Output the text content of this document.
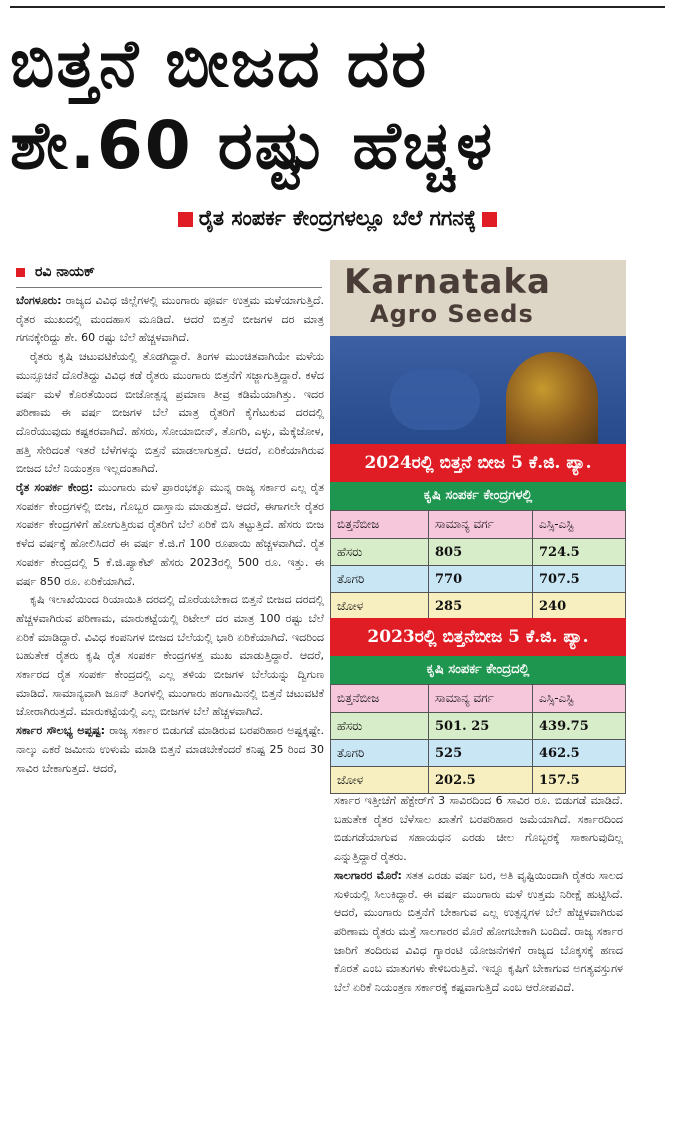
ಬಿತ್ತನೆ ಬೀಜದ ದರ
ಶೇ.60 ರಷ್ಟು ಹೆಚ್ಚಳ
ರೈತ ಸಂಪರ್ಕ ಕೇಂದ್ರಗಳಲ್ಲೂ ಬೆಲೆ ಗಗನಕ್ಕೆ
ರವಿ ನಾಯಕ್

ಬೆಂಗಳೂರು: ರಾಜ್ಯದ ವಿವಿಧ ಜಿಲ್ಲೆಗಳಲ್ಲಿ ಮುಂಗಾರು ಪೂರ್ವ ಉತ್ತಮ ಮಳೆಯಾಗುತ್ತಿದೆ. ರೈತರ ಮುಖದಲ್ಲಿ ಮಂದಹಾಸ ಮೂಡಿದೆ. ಆದರೆ ಬಿತ್ತನೆ ಬೀಜಗಳ ದರ ಮಾತ್ರ ಗಗನಕ್ಕೇರಿದ್ದು ಶೇ. 60 ರಷ್ಟು ಬೆಲೆ ಹೆಚ್ಚಳವಾಗಿದೆ.

ರೈತರು ಕೃಷಿ ಚಟುವಟಿಕೆಯಲ್ಲಿ ತೊಡಗಿದ್ದಾರೆ. ತಿಂಗಳ ಮುಂಚಿತವಾಗಿಯೇ ಮಳೆಯ ಮುನ್ಸೂಚನೆ ದೊರೆತಿದ್ದು ವಿವಿಧ ಕಡೆ ರೈತರು ಮುಂಗಾರು ಬಿತ್ತನೆಗೆ ಸಜ್ಜಾಗುತ್ತಿದ್ದಾರೆ. ಕಳೆದ ವರ್ಷ ಮಳೆ ಕೊರತೆಯಿಂದ ಬೀಜೋತ್ಪನ್ನ ಪ್ರಮಾಣ ತೀವ್ರ ಕಡಿಮೆಯಾಗಿತ್ತು. ಇದರ ಪರಿಣಾಮ ಈ ವರ್ಷ ಬೀಜಗಳ ಬೆಲೆ ಮಾತ್ರ ರೈತರಿಗೆ ಕೈಗೆಟುಕುವ ದರದಲ್ಲಿ ದೊರೆಯುವುದು ಕಷ್ಟಕರವಾಗಿದೆ. ಹೆಸರು, ಸೋಯಾಬೀನ್, ತೊಗರಿ, ಎಳ್ಳು, ಮೆಕ್ಕೆಜೋಳ, ಹತ್ತಿ ಸೇರಿದಂತೆ ಇತರೆ ಬೆಳೆಗಳನ್ನು ಬಿತ್ತನೆ ಮಾಡಲಾಗುತ್ತದೆ. ಆದರೆ, ಏರಿಕೆಯಾಗಿರುವ ಬೀಜದ ಬೆಲೆ ನಿಯಂತ್ರಣ ಇಲ್ಲದಂತಾಗಿದೆ.

ರೈತ ಸಂಪರ್ಕ ಕೇಂದ್ರ: ಮುಂಗಾರು ಮಳೆ ಪ್ರಾರಂಭಕ್ಕೂ ಮುನ್ನ ರಾಜ್ಯ ಸರ್ಕಾರ ಎಲ್ಲ ರೈತ ಸಂಪರ್ಕ ಕೇಂದ್ರಗಳಲ್ಲಿ ಬೀಜ, ಗೊಬ್ಬರ ದಾಸ್ತಾನು ಮಾಡುತ್ತದೆ. ಆದರೆ, ಈಗಾಗಲೇ ರೈತರ ಸಂಪರ್ಕ ಕೇಂದ್ರಗಳಿಗೆ ಹೋಗುತ್ತಿರುವ ರೈತರಿಗೆ ಬೆಲೆ ಏರಿಕೆ ಬಿಸಿ ತಟ್ಟುತ್ತಿದೆ. ಹೆಸರು ಬೀಜ ಕಳೆದ ವರ್ಷಕ್ಕೆ ಹೋಲಿಸಿದರೆ ಈ ವರ್ಷ ಕೆ.ಜಿ.ಗೆ 100 ರೂಪಾಯಿ ಹೆಚ್ಚಳವಾಗಿದೆ. ರೈತ ಸಂಪರ್ಕ ಕೇಂದ್ರದಲ್ಲಿ 5 ಕೆ.ಜಿ.ಪ್ಯಾಕೆಟ್ ಹೆಸರು 2023ರಲ್ಲಿ 500 ರೂ. ಇತ್ತು. ಈ ವರ್ಷ 850 ರೂ. ಏರಿಕೆಯಾಗಿದೆ.

ಕೃಷಿ ಇಲಾಖೆಯಿಂದ ರಿಯಾಯಿತಿ ದರದಲ್ಲಿ ದೊರೆಯಬೇಕಾದ ಬಿತ್ತನೆ ಬೀಜದ ದರದಲ್ಲಿ ಹೆಚ್ಚಳವಾಗಿರುವ ಪರಿಣಾಮ, ಮಾರುಕಟ್ಟೆಯಲ್ಲಿ ರಿಟೇಲ್ ದರ ಮಾತ್ರ 100 ರಷ್ಟು ಬೆಲೆ ಏರಿಕೆ ಮಾಡಿದ್ದಾರೆ. ವಿವಿಧ ಕಂಪನಿಗಳ ಬೀಜದ ಬೆಲೆಯಲ್ಲಿ ಭಾರಿ ಏರಿಕೆಯಾಗಿದೆ. ಇದರಿಂದ ಬಹುತೇಕ ರೈತರು ಕೃಷಿ ರೈತ ಸಂಪರ್ಕ ಕೇಂದ್ರಗಳತ್ತ ಮುಖ ಮಾಡುತ್ತಿದ್ದಾರೆ. ಆದರೆ, ಸರ್ಕಾರದ ರೈತ ಸಂಪರ್ಕ ಕೇಂದ್ರದಲ್ಲಿ ಎಲ್ಲ ತಳಿಯ ಬೀಜಗಳ ಬೆಲೆಯನ್ನು ದ್ವಿಗುಣ ಮಾಡಿದೆ. ಸಾಮಾನ್ಯವಾಗಿ ಜೂನ್ ತಿಂಗಳಲ್ಲಿ ಮುಂಗಾರು ಹಂಗಾಮಿನಲ್ಲಿ ಬಿತ್ತನೆ ಚಟುವಟಿಕೆ ಜೋರಾಗಿರುತ್ತದೆ. ಮಾರುಕಟ್ಟೆಯಲ್ಲಿ ಎಲ್ಲ ಬೀಜಗಳ ಬೆಲೆ ಹೆಚ್ಚಳವಾಗಿದೆ.

ಸರ್ಕಾರ ಸೌಲಭ್ಯ ಅಪ್ಪಷ್ಟ: ರಾಜ್ಯ ಸರ್ಕಾರ ಬಿಡುಗಡೆ ಮಾಡಿರುವ ಬರಪರಿಹಾರ ಅಷ್ಟಕ್ಕಷ್ಟೇ. ನಾಲ್ಕು ಎಕರೆ ಜಮೀನು ಉಳುಮೆ ಮಾಡಿ ಬಿತ್ತನೆ ಮಾಡಬೇಕೆಂದರೆ ಕನಿಷ್ಟ 25 ರಿಂದ 30 ಸಾವಿರ ಬೇಕಾಗುತ್ತದೆ. ಆದರೆ,

Karnataka
Agro Seeds
2024ರಲ್ಲಿ ಬಿತ್ತನೆ ಬೀಜ 5 ಕೆ.ಜಿ. ಪ್ಯಾ.
ಕೃಷಿ ಸಂಪರ್ಕ ಕೇಂದ್ರಗಳಲ್ಲಿ
ಬಿತ್ತನೆಬೀಜ	ಸಾಮಾನ್ಯ ವರ್ಗ	ಎಸ್ಸಿ-ಎಸ್ಟಿ
ಹೆಸರು	805	724.5
ತೊಗರಿ	770	707.5
ಜೋಳ	285	240
2023ರಲ್ಲಿ ಬಿತ್ತನೆಬೀಜ 5 ಕೆ.ಜಿ. ಪ್ಯಾ.
ಕೃಷಿ ಸಂಪರ್ಕ ಕೇಂದ್ರದಲ್ಲಿ
ಬಿತ್ತನೆಬೀಜ	ಸಾಮಾನ್ಯ ವರ್ಗ	ಎಸ್ಸಿ-ಎಸ್ಟಿ
ಹೆಸರು	501. 25	439.75
ತೊಗರಿ	525	462.5
ಜೋಳ	202.5	157.5

ಸರ್ಕಾರ ಇತ್ತೀಚೆಗೆ ಹೆಕ್ಟೇರ್‌ಗೆ 3 ಸಾವಿರದಿಂದ 6 ಸಾವಿರ ರೂ. ಬಿಡುಗಡೆ ಮಾಡಿದೆ. ಬಹುತೇಕ ರೈತರ ಬೆಳೆಸಾಲ ಖಾತೆಗೆ ಬರಪರಿಹಾರ ಜಮೆಯಾಗಿದೆ. ಸರ್ಕಾರದಿಂದ ಬಿಡುಗಡೆಯಾಗುವ ಸಹಾಯಧನ ಎರಡು ಚೀಲ ಗೊಬ್ಬರಕ್ಕೆ ಸಾಕಾಗುವುದಿಲ್ಲ ಎನ್ನುತ್ತಿದ್ದಾರೆ ರೈತರು.

ಸಾಲಗಾರರ ಮೊರೆ: ಸತತ ಎರಡು ವರ್ಷ ಬರ, ಅತಿ ವೃಷ್ಟಿಯಿಂದಾಗಿ ರೈತರು ಸಾಲದ ಸುಳಿಯಲ್ಲಿ ಸಿಲುಕಿದ್ದಾರೆ. ಈ ವರ್ಷ ಮುಂಗಾರು ಮಳೆ ಉತ್ತಮ ನಿರೀಕ್ಷೆ ಹುಟ್ಟಿಸಿದೆ. ಆದರೆ, ಮುಂಗಾರು ಬಿತ್ತನೆಗೆ ಬೇಕಾಗುವ ಎಲ್ಲ ಉತ್ಪನ್ನಗಳ ಬೆಲೆ ಹೆಚ್ಚಳವಾಗಿರುವ ಪರಿಣಾಮ ರೈತರು ಮತ್ತೆ ಸಾಲಗಾರರ ಮೊರೆ ಹೋಗಬೇಕಾಗಿ ಬಂದಿದೆ. ರಾಜ್ಯ ಸರ್ಕಾರ ಜಾರಿಗೆ ತಂದಿರುವ ವಿವಿಧ ಗ್ಯಾರಂಟಿ ಯೋಜನೆಗಳಿಗೆ ರಾಜ್ಯದ ಬೊಕ್ಕಸಕ್ಕೆ ಹಣದ ಕೊರತೆ ಎಂಬ ಮಾತುಗಳು ಕೇಳಿಬರುತ್ತಿವೆ. ಇನ್ನೂ ಕೃಷಿಗೆ ಬೇಕಾಗುವ ಅಗತ್ಯವಸ್ತುಗಳ ಬೆಲೆ ಏರಿಕೆ ನಿಯಂತ್ರಣ ಸರ್ಕಾರಕ್ಕೆ ಕಷ್ಟವಾಗುತ್ತಿದೆ ಎಂಬ ಆರೋಪವಿದೆ.
